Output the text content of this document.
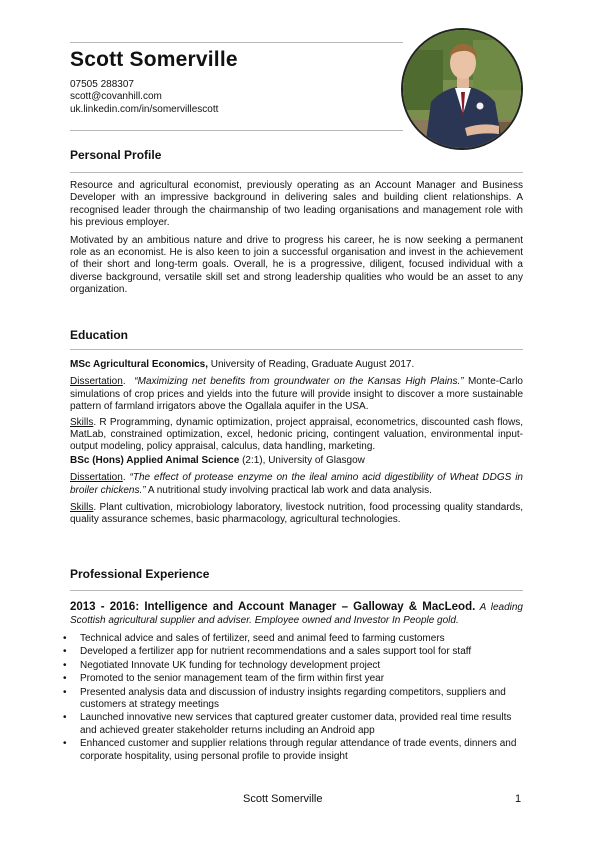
Scott Somerville
07505 288307
scott@covanhill.com
uk.linkedin.com/in/somervillescott
Personal Profile

Resource and agricultural economist, previously operating as an Account Manager and Business Developer with an impressive background in delivering sales and building client relationships. A recognised leader through the chairmanship of two leading organisations and management role with his previous employer.

Motivated by an ambitious nature and drive to progress his career, he is now seeking a permanent role as an economist. He is also keen to join a successful organisation and invest in the achievement of their short and long-term goals. Overall, he is a progressive, diligent, focused individual with a diverse background, versatile skill set and strong leadership qualities who would be an asset to any organization.

Education

MSc Agricultural Economics, University of Reading, Graduate August 2017.

Dissertation.  “Maximizing net benefits from groundwater on the Kansas High Plains.” Monte-Carlo simulations of crop prices and yields into the future will provide insight to discover a more sustainable pattern of farmland irrigators above the Ogallala aquifer in the USA.

Skills. R Programming, dynamic optimization, project appraisal, econometrics, discounted cash flows, MatLab, constrained optimization, excel, hedonic pricing, contingent valuation, environmental input-output modeling, policy appraisal, calculus, data handling, marketing.

BSc (Hons) Applied Animal Science (2:1), University of Glasgow

Dissertation. “The effect of protease enzyme on the ileal amino acid digestibility of Wheat DDGS in broiler chickens.” A nutritional study involving practical lab work and data analysis.

Skills. Plant cultivation, microbiology laboratory, livestock nutrition, food processing quality standards, quality assurance schemes, basic pharmacology, agricultural technologies.

Professional Experience
2013 - 2016: Intelligence and Account Manager – Galloway & MacLeod. A leading Scottish agricultural supplier and adviser. Employee owned and Investor In People gold.
• Technical advice and sales of fertilizer, seed and animal feed to farming customers
• Developed a fertilizer app for nutrient recommendations and a sales support tool for staff
• Negotiated Innovate UK funding for technology development project
• Promoted to the senior management team of the firm within first year
• Presented analysis data and discussion of industry insights regarding competitors, suppliers and customers at strategy meetings
• Launched innovative new services that captured greater customer data, provided real time results and achieved greater stakeholder returns including an Android app
• Enhanced customer and supplier relations through regular attendance of trade events, dinners and corporate hospitality, using personal profile to provide insight
Scott Somerville	1
